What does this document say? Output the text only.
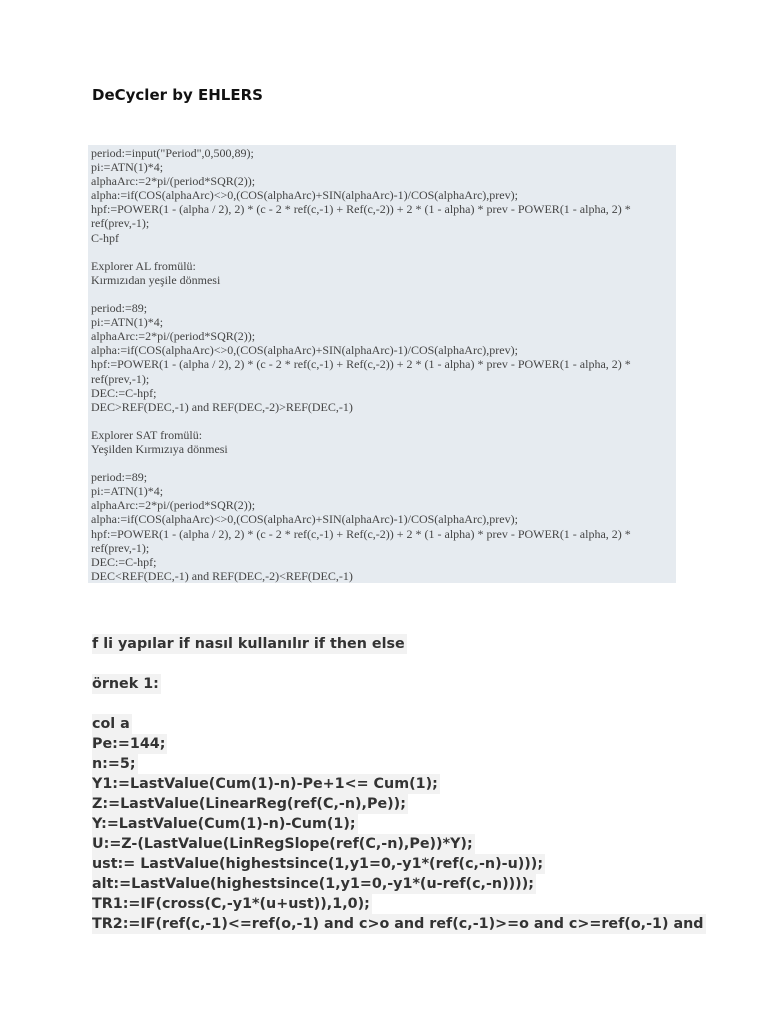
DeCycler by EHLERS
period:=input("Period",0,500,89);
pi:=ATN(1)*4;
alphaArc:=2*pi/(period*SQR(2));
alpha:=if(COS(alphaArc)<>0,(COS(alphaArc)+SIN(alphaArc)-1)/COS(alphaArc),prev);
hpf:=POWER(1 - (alpha / 2), 2) * (c - 2 * ref(c,-1) + Ref(c,-2)) + 2 * (1 - alpha) * prev - POWER(1 - alpha, 2) *
ref(prev,-1);
C-hpf
Explorer AL fromülü:
Kırmızıdan yeşile dönmesi
period:=89;
pi:=ATN(1)*4;
alphaArc:=2*pi/(period*SQR(2));
alpha:=if(COS(alphaArc)<>0,(COS(alphaArc)+SIN(alphaArc)-1)/COS(alphaArc),prev);
hpf:=POWER(1 - (alpha / 2), 2) * (c - 2 * ref(c,-1) + Ref(c,-2)) + 2 * (1 - alpha) * prev - POWER(1 - alpha, 2) *
ref(prev,-1);
DEC:=C-hpf;
DEC>REF(DEC,-1) and REF(DEC,-2)>REF(DEC,-1)
Explorer SAT fromülü:
Yeşilden Kırmızıya dönmesi
period:=89;
pi:=ATN(1)*4;
alphaArc:=2*pi/(period*SQR(2));
alpha:=if(COS(alphaArc)<>0,(COS(alphaArc)+SIN(alphaArc)-1)/COS(alphaArc),prev);
hpf:=POWER(1 - (alpha / 2), 2) * (c - 2 * ref(c,-1) + Ref(c,-2)) + 2 * (1 - alpha) * prev - POWER(1 - alpha, 2) *
ref(prev,-1);
DEC:=C-hpf;
DEC<REF(DEC,-1) and REF(DEC,-2)<REF(DEC,-1)
f li yapılar if nasıl kullanılır if then else
örnek 1:
col a
Pe:=144;
n:=5;
Y1:=LastValue(Cum(1)-n)-Pe+1<= Cum(1);
Z:=LastValue(LinearReg(ref(C,-n),Pe));
Y:=LastValue(Cum(1)-n)-Cum(1);
U:=Z-(LastValue(LinRegSlope(ref(C,-n),Pe))*Y);
ust:= LastValue(highestsince(1,y1=0,-y1*(ref(c,-n)-u)));
alt:=LastValue(highestsince(1,y1=0,-y1*(u-ref(c,-n))));
TR1:=IF(cross(C,-y1*(u+ust)),1,0);
TR2:=IF(ref(c,-1)<=ref(o,-1) and c>o and ref(c,-1)>=o and c>=ref(o,-1) and
